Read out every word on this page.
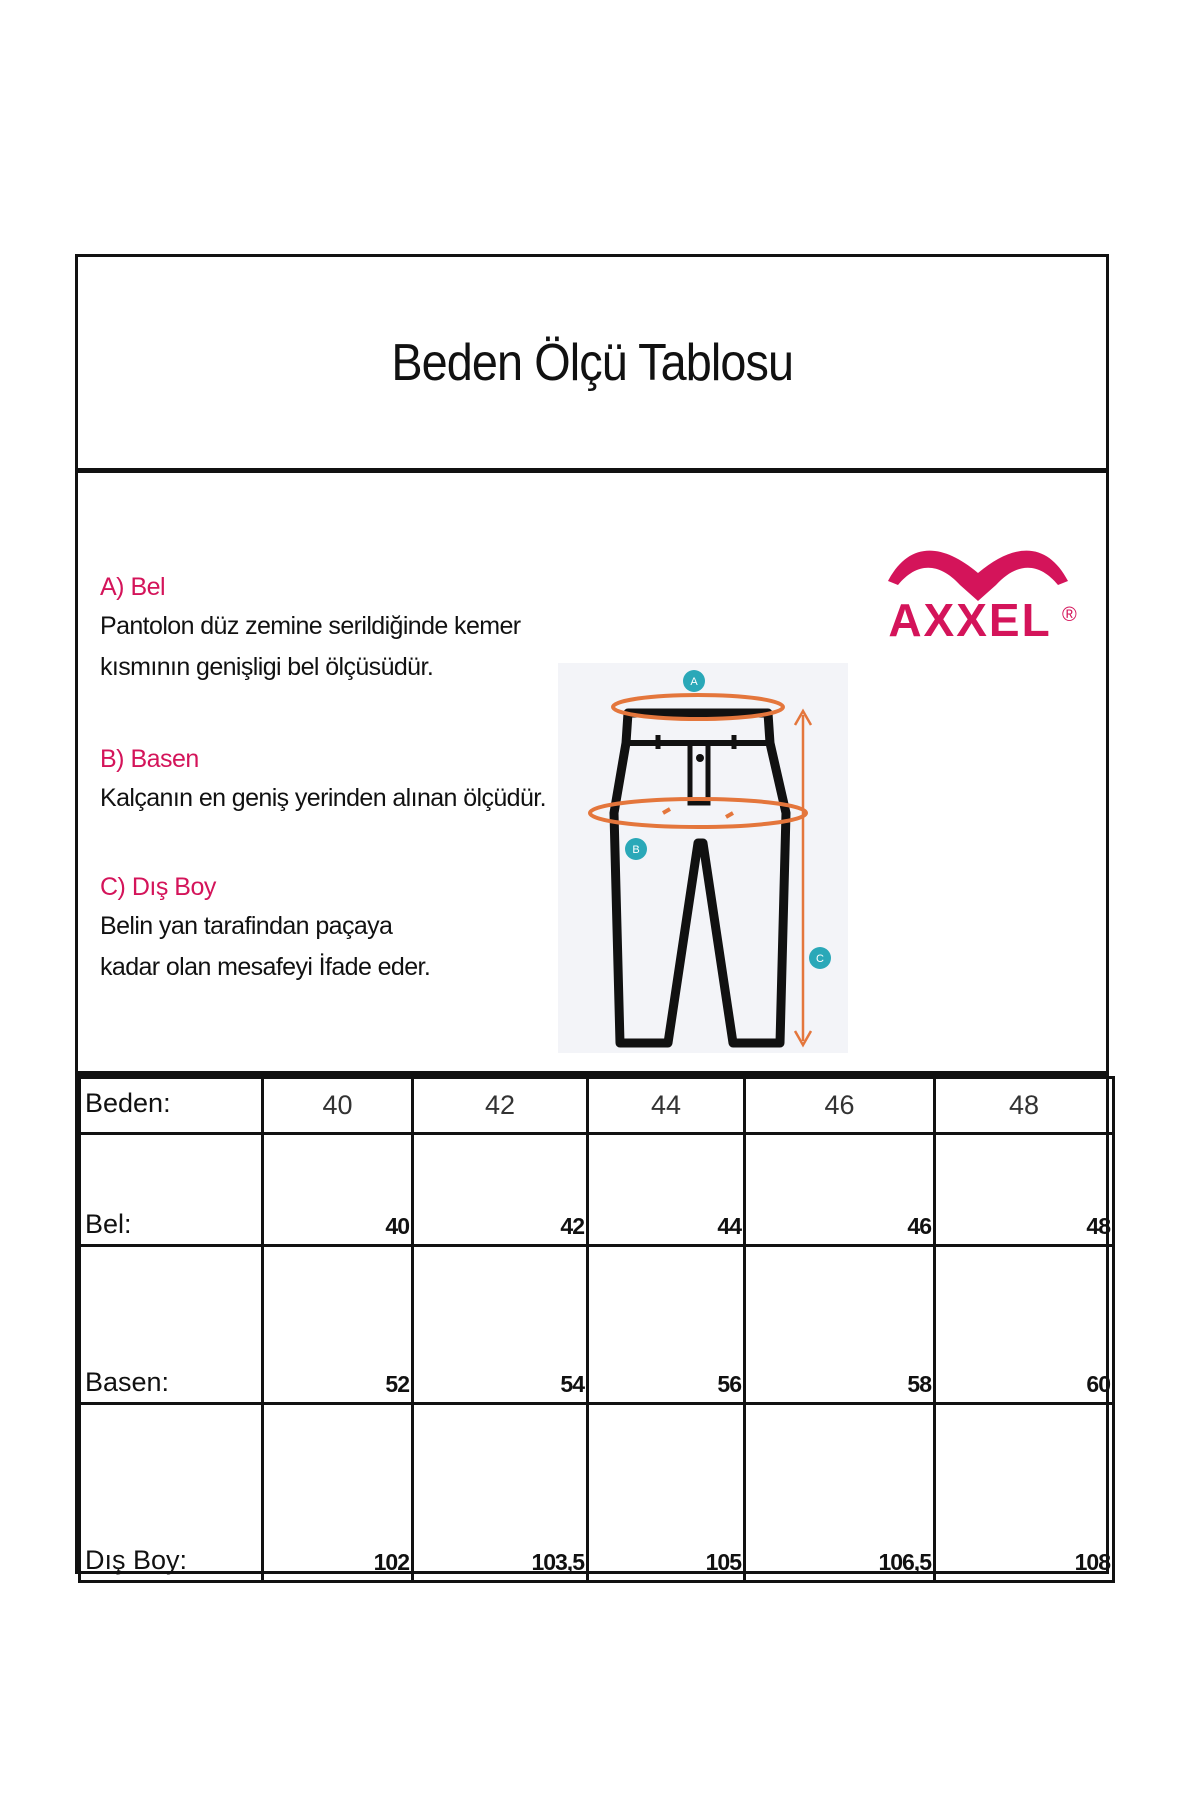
Beden Ölçü Tablosu

A) Bel

Pantolon düz zemine serildiğinde kemer
kısmının genişligi bel ölçüsüdür.

B) Basen

Kalçanın en geniş yerinden alınan ölçüdür.

C) Dış Boy

Belin yan tarafindan paçaya
kadar olan mesafeyi İfade eder.

AXXEL ®
A
B
C
Beden:	40	42	44	46	48
Bel:	40	42	44	46	48
Basen:	52	54	56	58	60
Dış Boy:	102	103,5	105	106,5	108
